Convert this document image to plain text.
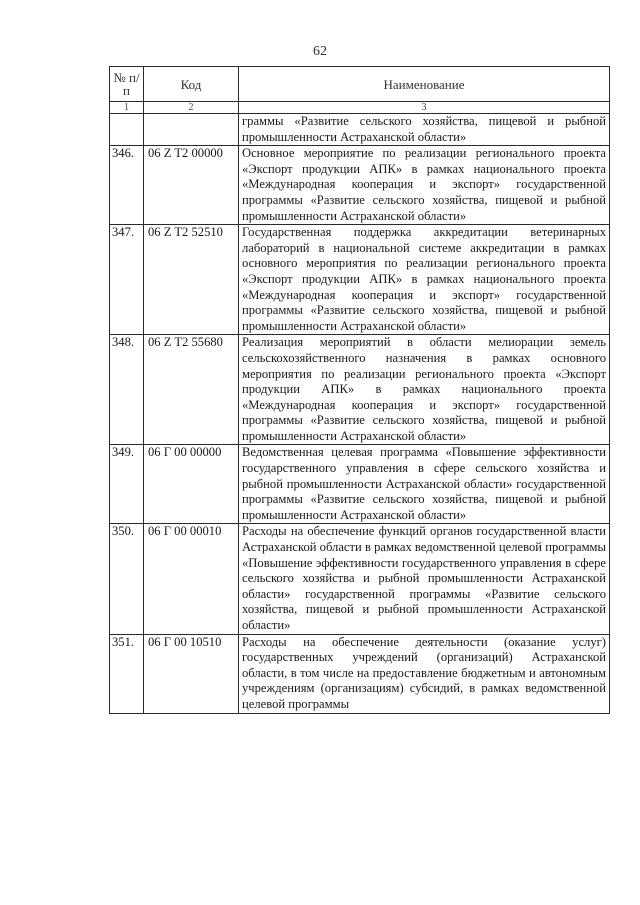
62
№ п/п	Код	Наименование
1	2	3
		граммы «Развитие сельского хозяйства, пищевой и рыбной промышленности Астраханской области»
346.	06 Z T2 00000	Основное мероприятие по реализации регионального проекта «Экспорт продукции АПК» в рамках национального проекта «Международная кооперация и экспорт» государственной программы «Развитие сельского хозяйства, пищевой и рыбной промышленности Астраханской области»
347.	06 Z T2 52510	Государственная поддержка аккредитации ветеринарных лабораторий в национальной системе аккредитации в рамках основного мероприятия по реализации регионального проекта «Экспорт продукции АПК» в рамках национального проекта «Международная кооперация и экспорт» государственной программы «Развитие сельского хозяйства, пищевой и рыбной промышленности Астраханской области»
348.	06 Z T2 55680	Реализация мероприятий в области мелиорации земель сельскохозяйственного назначения в рамках основного мероприятия по реализации регионального проекта «Экспорт продукции АПК» в рамках национального проекта «Международная кооперация и экспорт» государственной программы «Развитие сельского хозяйства, пищевой и рыбной промышленности Астраханской области»
349.	06 Г 00 00000	Ведомственная целевая программа «Повышение эффективности государственного управления в сфере сельского хозяйства и рыбной промышленности Астраханской области» государственной программы «Развитие сельского хозяйства, пищевой и рыбной промышленности Астраханской области»
350.	06 Г 00 00010	Расходы на обеспечение функций органов государственной власти Астраханской области в рамках ведомственной целевой программы «Повышение эффективности государственного управления в сфере сельского хозяйства и рыбной промышленности Астраханской области» государственной программы «Развитие сельского хозяйства, пищевой и рыбной промышленности Астраханской области»
351.	06 Г 00 10510	Расходы на обеспечение деятельности (оказание услуг) государственных учреждений (организаций) Астраханской области, в том числе на предоставление бюджетным и автономным учреждениям (организациям) субсидий, в рамках ведомственной целевой программы
